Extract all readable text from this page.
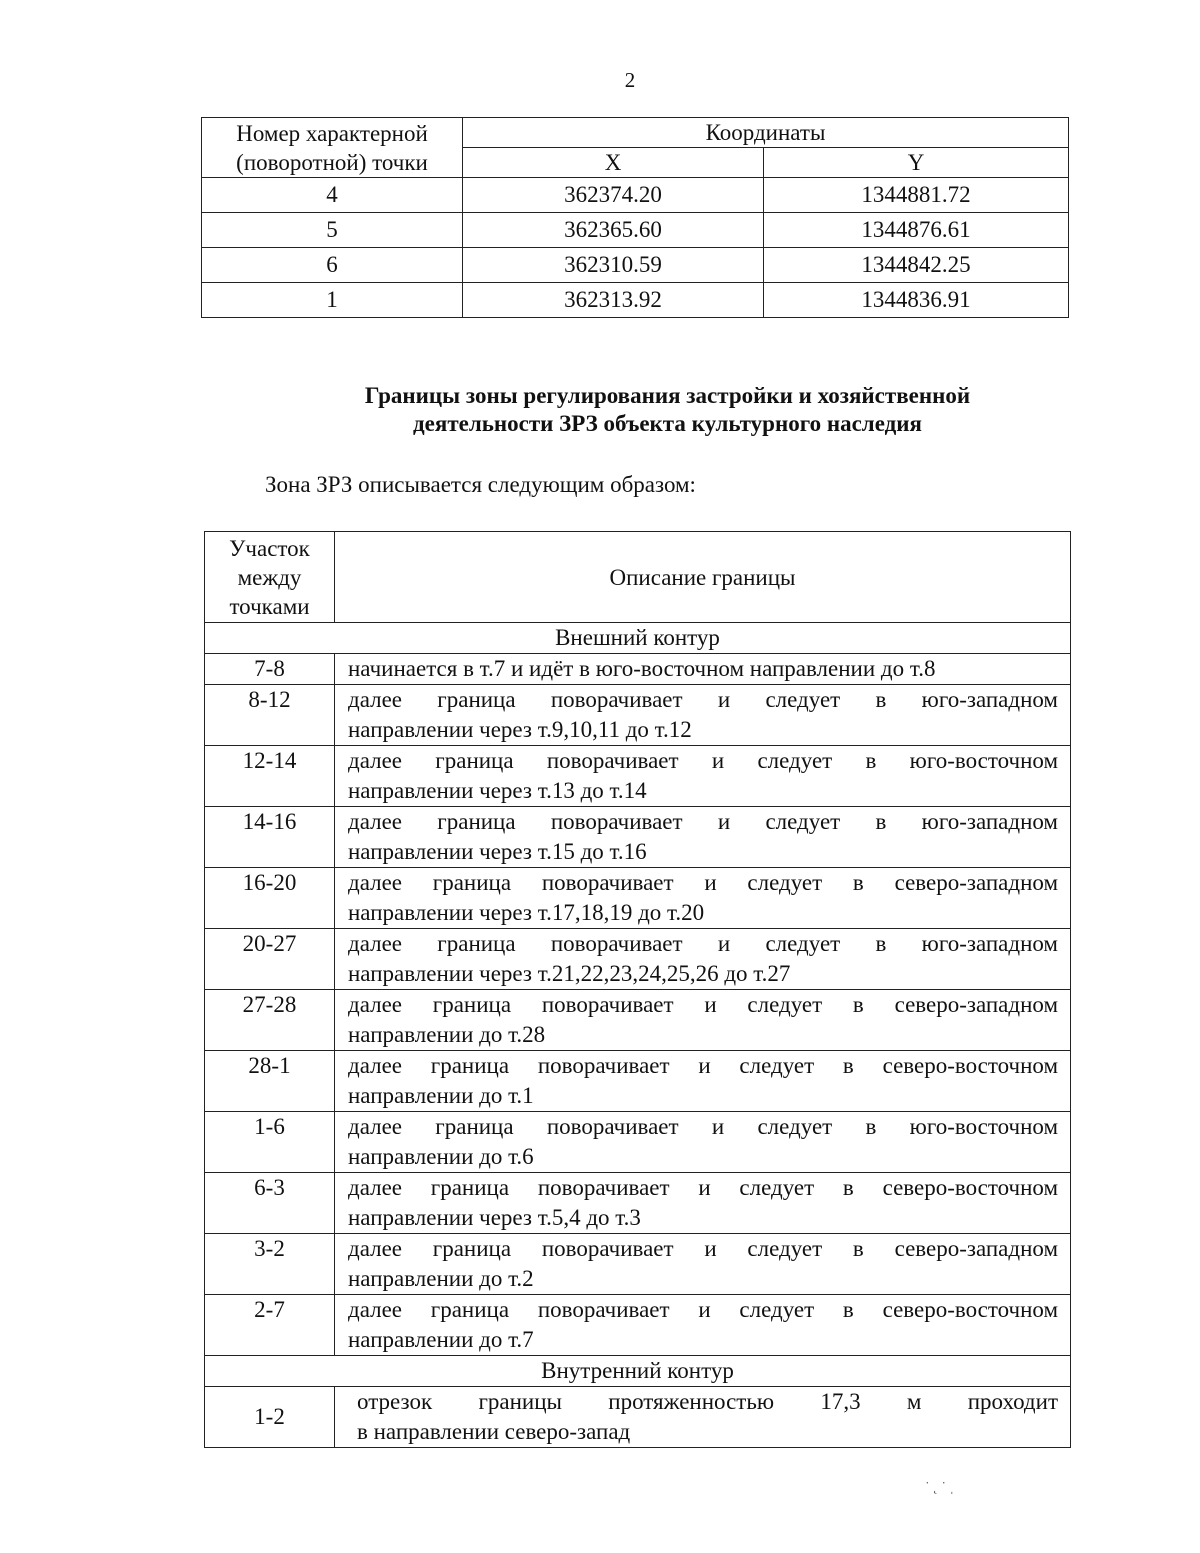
2
Номер характерной
(поворотной) точки	Координаты	
	X	Y
4	362374.20	1344881.72
5	362365.60	1344876.61
6	362310.59	1344842.25
1	362313.92	1344836.91
Границы зоны регулирования застройки и хозяйственной
деятельности ЗРЗ объекта культурного наследия
Зона ЗРЗ описывается следующим образом:
Участок
между
точками	Описание границы
Внешний контур	
7-8	начинается в т.7 и идёт в юго-восточном направлении до т.8

8-12	далее граница поворачивает и следует в юго-западном
направлении через т.9,10,11 до т.12

12-14	далее граница поворачивает и следует в юго-восточном
направлении через т.13 до т.14

14-16	далее граница поворачивает и следует в юго-западном
направлении через т.15 до т.16

16-20	далее граница поворачивает и следует в северо-западном
направлении через т.17,18,19 до т.20

20-27	далее граница поворачивает и следует в юго-западном
направлении через т.21,22,23,24,25,26 до т.27

27-28	далее граница поворачивает и следует в северо-западном
направлении до т.28

28-1	далее граница поворачивает и следует в северо-восточном
направлении до т.1

1-6	далее граница поворачивает и следует в юго-восточном
направлении до т.6

6-3	далее граница поворачивает и следует в северо-восточном
направлении через т.5,4 до т.3

3-2	далее граница поворачивает и следует в северо-западном
направлении до т.2

2-7	далее граница поворачивает и следует в северо-восточном
направлении до т.7

Внутренний контур	
1-2	отрезок границы протяженностью 17,3 м проходит
в направлении северо-запад
˙ ˛ ˙ ˌ
